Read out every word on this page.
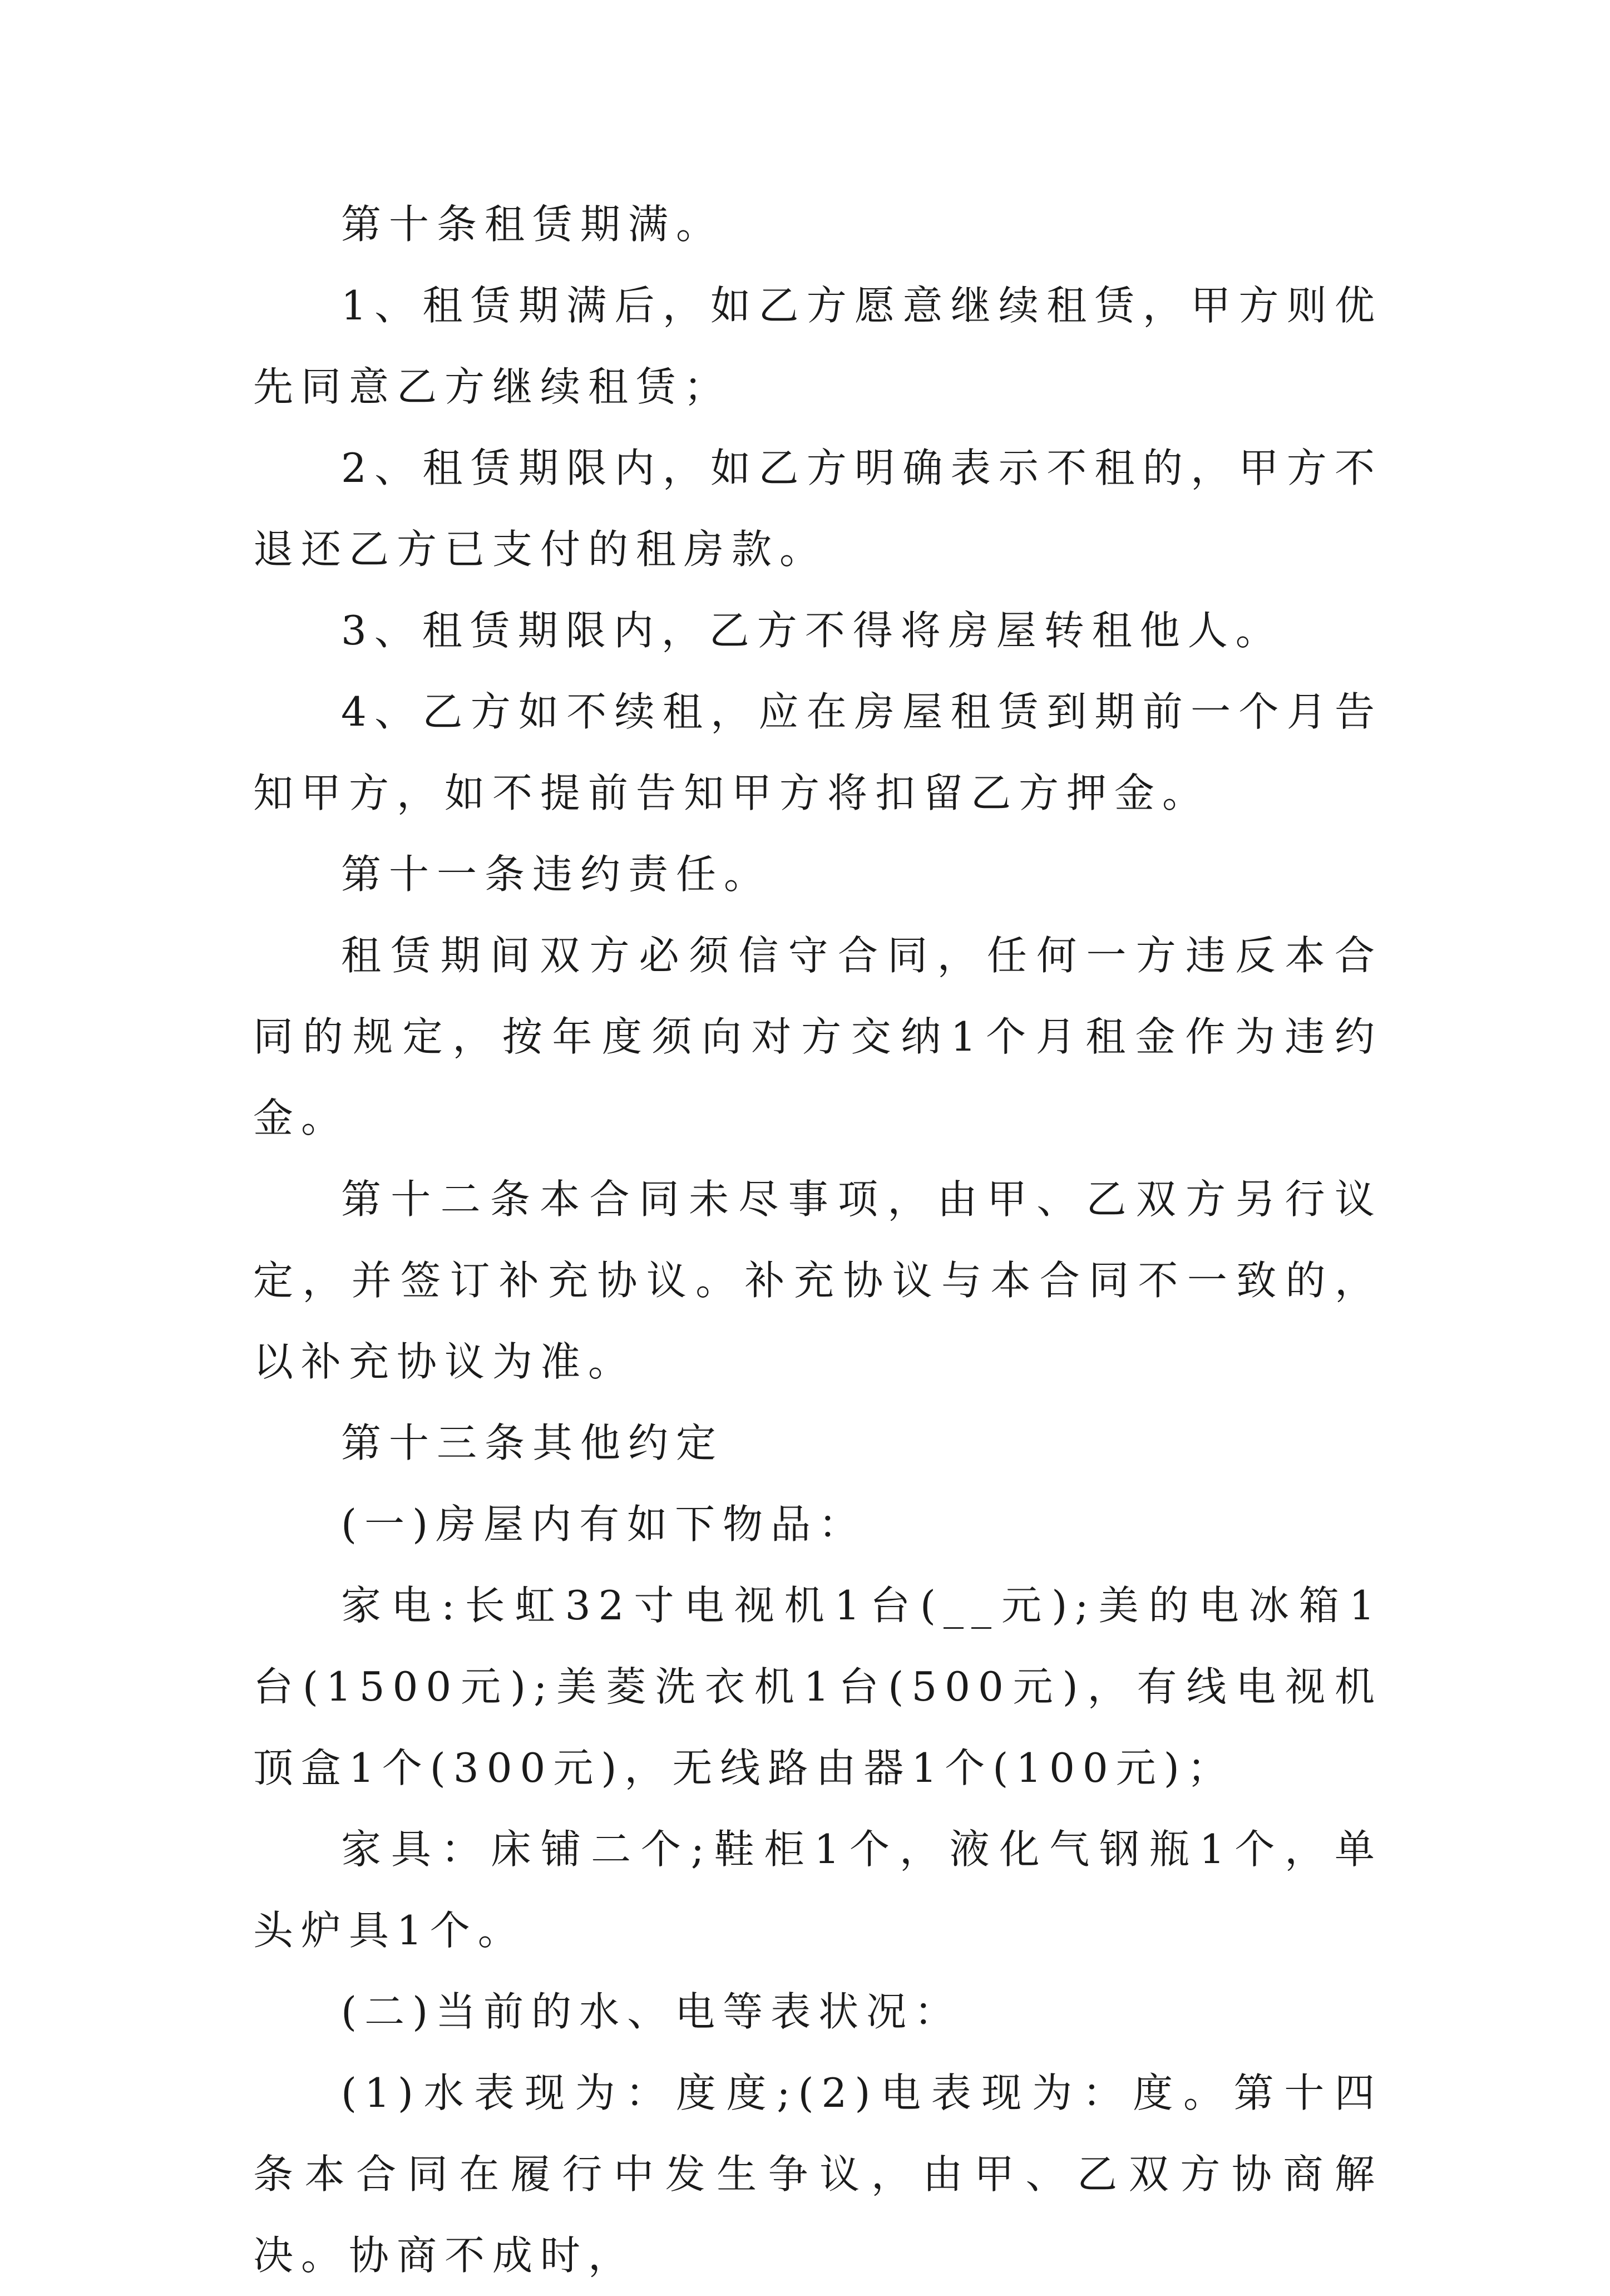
第十条租赁期满。

1、租赁期满后，如乙方愿意继续租赁，甲方则优先同意乙方继续租赁；

2、租赁期限内，如乙方明确表示不租的，甲方不退还乙方已支付的租房款。

3、租赁期限内，乙方不得将房屋转租他人。

4、乙方如不续租，应在房屋租赁到期前一个月告知甲方，如不提前告知甲方将扣留乙方押金。

第十一条违约责任。

租赁期间双方必须信守合同，任何一方违反本合同的规定，按年度须向对方交纳1个月租金作为违约金。

第十二条本合同未尽事项，由甲、乙双方另行议定，并签订补充协议。补充协议与本合同不一致的，以补充协议为准。

第十三条其他约定

(一)房屋内有如下物品：

家电:长虹32寸电视机1台(__元);美的电冰箱1台(1500元);美菱洗衣机1台(500元)，有线电视机顶盒1个(300元)，无线路由器1个(100元)；

家具：床铺二个;鞋柜1个，液化气钢瓶1个，单头炉具1个。

(二)当前的水、电等表状况：

(1)水表现为：度度;(2)电表现为：度。第十四条本合同在履行中发生争议，由甲、乙双方协商解决。协商不成时，
